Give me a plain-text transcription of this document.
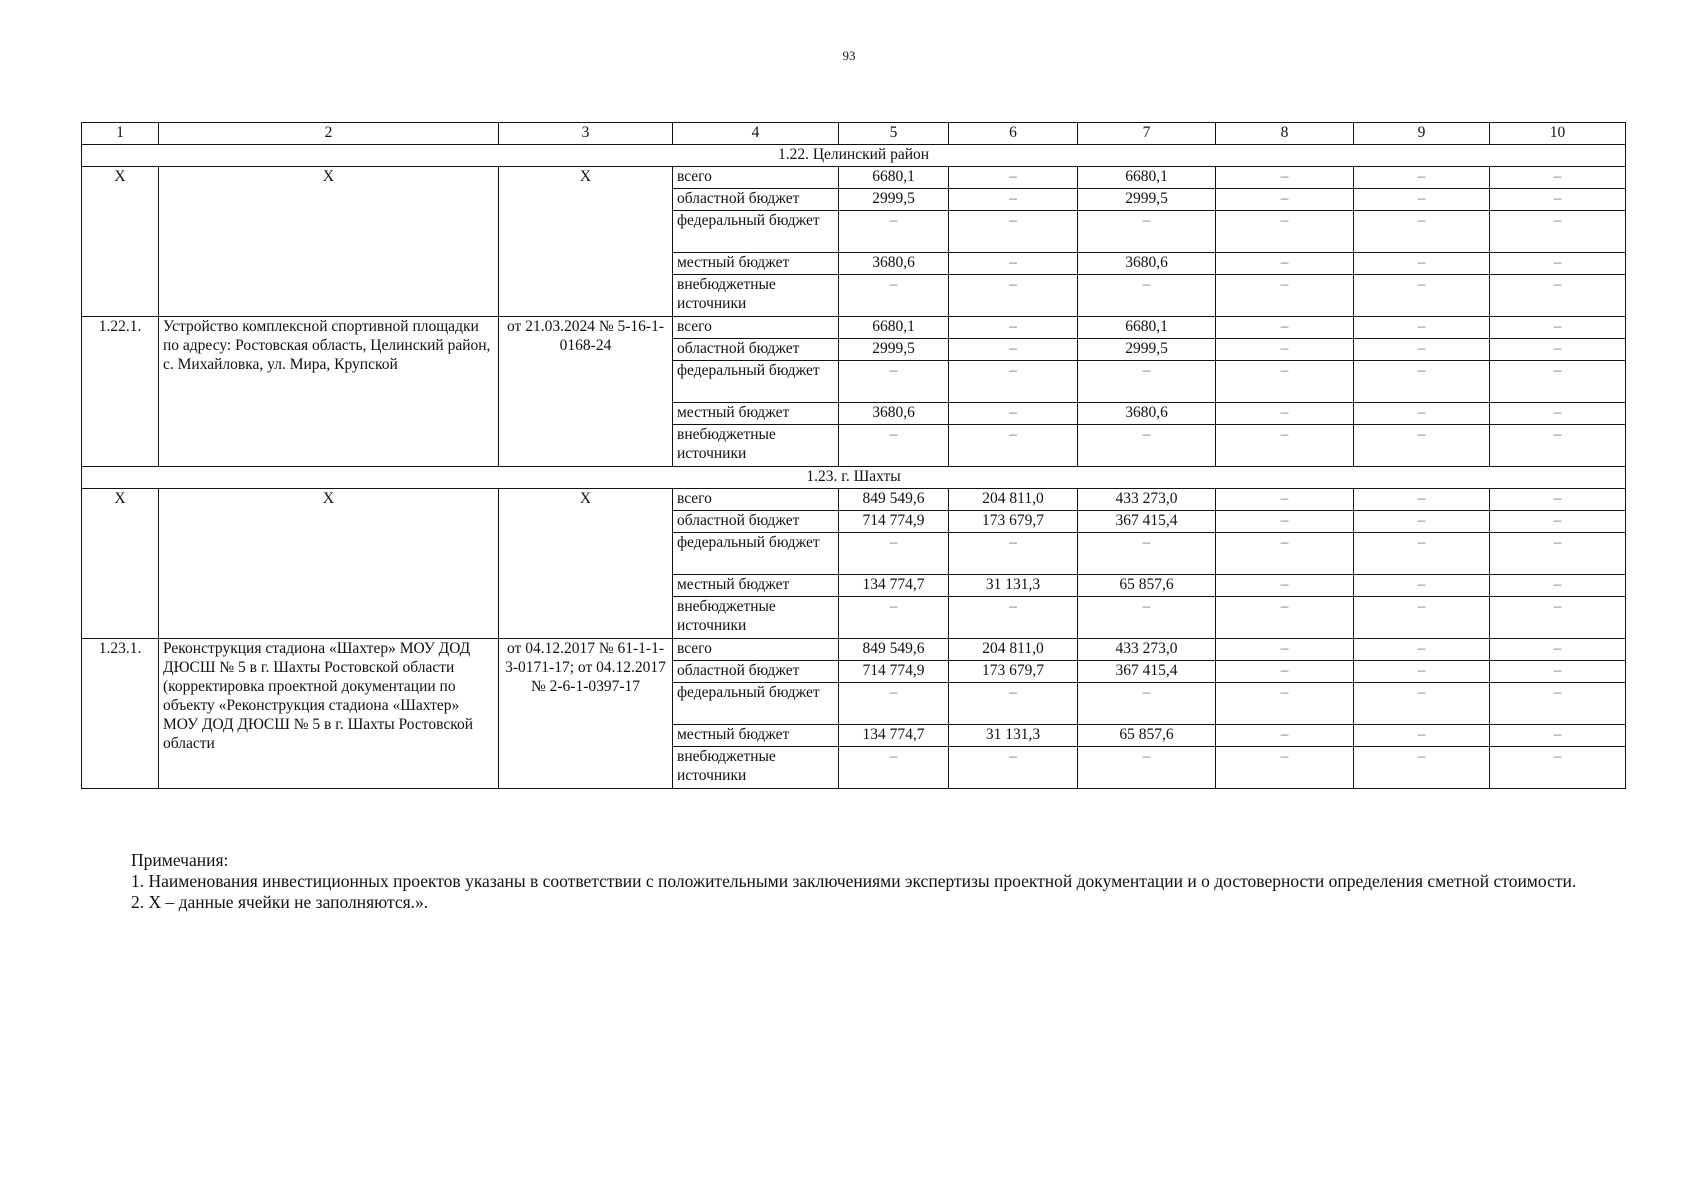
93
1	2	3	4	5	6	7	8	9	10
1.22. Целинский район									
Х	Х	Х	всего	6680,1	–	6680,1	–	–	–
			областной бюджет	2999,5	–	2999,5	–	–	–
			федеральный бюджет	–	–	–	–	–	–
			местный бюджет	3680,6	–	3680,6	–	–	–
			внебюджетные источники	–	–	–	–	–	–
1.22.1.	Устройство комплексной спортивной площадки по адресу: Ростовская область, Целинский район, с. Михайловка, ул. Мира, Крупской	от 21.03.2024 № 5-16-1-0168-24	всего	6680,1	–	6680,1	–	–	–
			областной бюджет	2999,5	–	2999,5	–	–	–
			федеральный бюджет	–	–	–	–	–	–
			местный бюджет	3680,6	–	3680,6	–	–	–
			внебюджетные источники	–	–	–	–	–	–
1.23. г. Шахты									
Х	Х	Х	всего	849 549,6	204 811,0	433 273,0	–	–	–
			областной бюджет	714 774,9	173 679,7	367 415,4	–	–	–
			федеральный бюджет	–	–	–	–	–	–
			местный бюджет	134 774,7	31 131,3	65 857,6	–	–	–
			внебюджетные источники	–	–	–	–	–	–
1.23.1.	Реконструкция стадиона «Шахтер» МОУ ДОД ДЮСШ № 5 в г. Шахты Ростовской области (корректировка проектной документации по объекту «Реконструкция стадиона «Шахтер» МОУ ДОД ДЮСШ № 5 в г. Шахты Ростовской области	от 04.12.2017 № 61-1-1-3-0171-17; от 04.12.2017 № 2-6-1-0397-17	всего	849 549,6	204 811,0	433 273,0	–	–	–
			областной бюджет	714 774,9	173 679,7	367 415,4	–	–	–
			федеральный бюджет	–	–	–	–	–	–
			местный бюджет	134 774,7	31 131,3	65 857,6	–	–	–
			внебюджетные источники	–	–	–	–	–	–

Примечания:

1. Наименования инвестиционных проектов указаны в соответствии с положительными заключениями экспертизы проектной документации и о достоверности определения сметной стоимости.

2. Х – данные ячейки не заполняются.».
